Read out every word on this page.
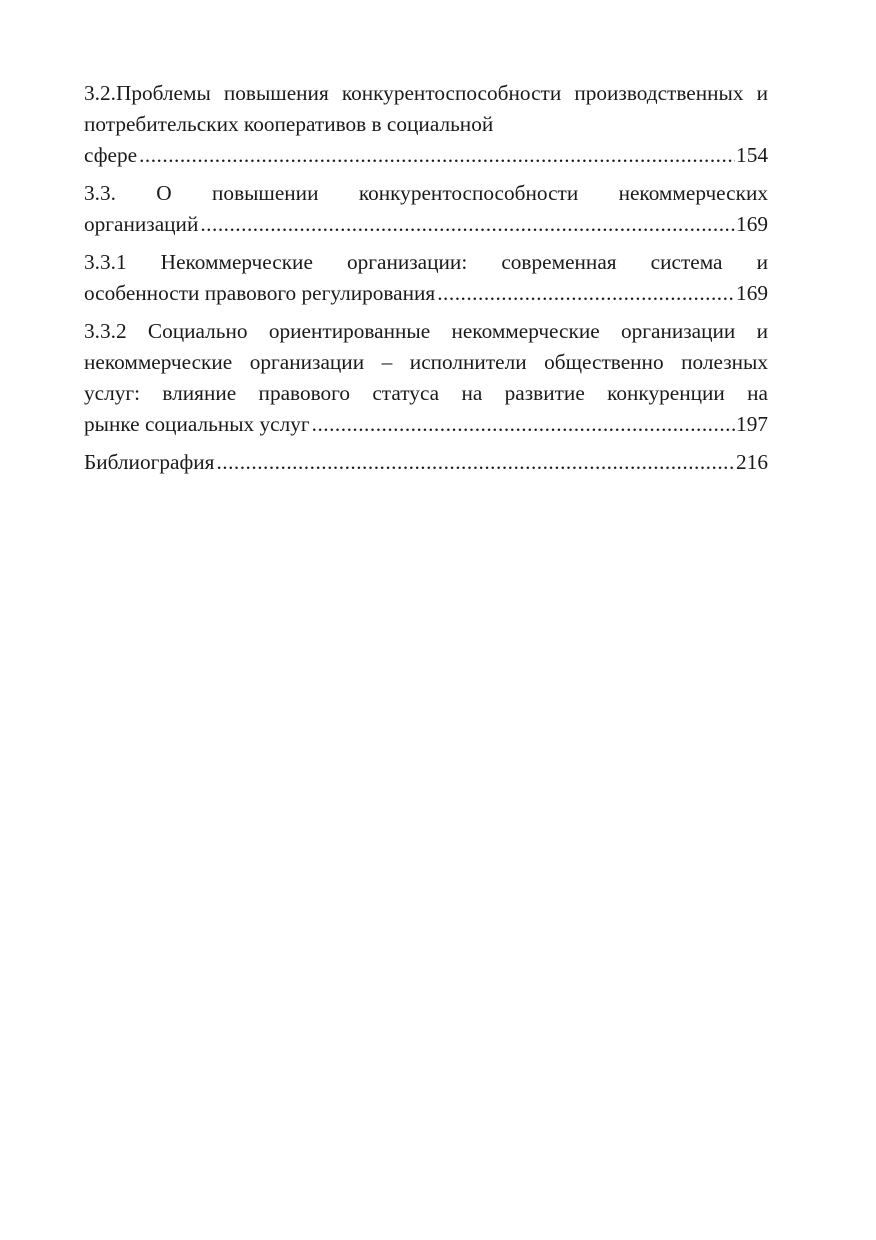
3.2.Проблемы повышения конкурентоспособности производственных и потребительских кооперативов в социальной
сфере .....	154
3.3. О повышении конкурентоспособности некоммерческих
организаций .....	169
3.3.1 Некоммерческие организации: современная система и
особенности правового регулирования .....	169
3.3.2 Социально ориентированные некоммерческие организации и некоммерческие организации – исполнители общественно полезных услуг: влияние правового статуса на развитие конкуренции на
рынке социальных услуг .....	197
Библиография .....	216
